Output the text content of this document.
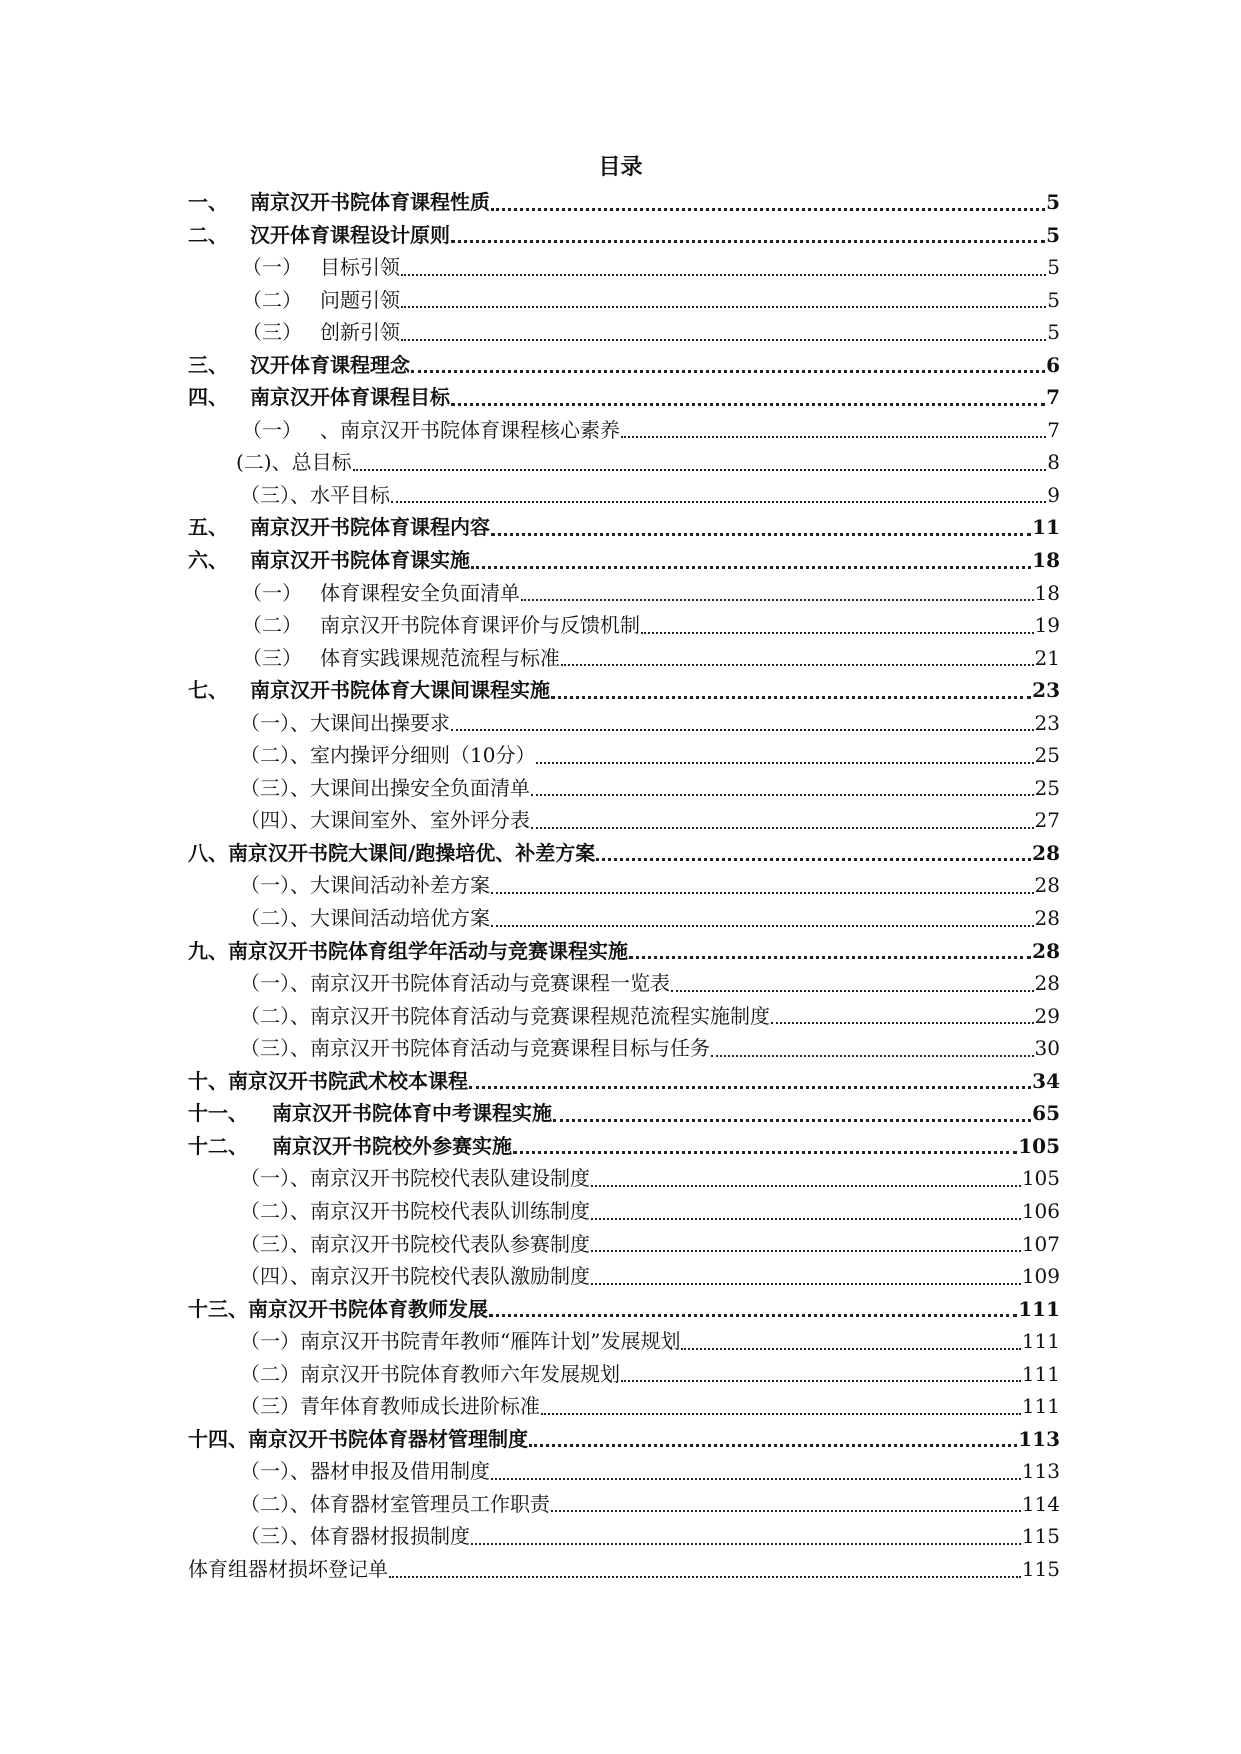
目录
一、	南京汉开书院体育课程性质	5
二、	汉开体育课程设计原则	5
（一） 目标引领	5
（二） 问题引领	5
（三） 创新引领	5
三、	汉开体育课程理念	6
四、	南京汉开体育课程目标	7
（一） 、南京汉开书院体育课程核心素养	7
(二)、总目标	8
（三）、水平目标	9
五、	南京汉开书院体育课程内容	11
六、	南京汉开书院体育课实施	18
（一） 体育课程安全负面清单	18
（二） 南京汉开书院体育课评价与反馈机制	19
（三） 体育实践课规范流程与标准	21
七、	南京汉开书院体育大课间课程实施	23
（一）、大课间出操要求	23
（二）、室内操评分细则（10分）	25
（三）、大课间出操安全负面清单	25
（四）、大课间室外、室外评分表	27
八、南京汉开书院大课间/跑操培优、补差方案	28
（一）、大课间活动补差方案	28
（二）、大课间活动培优方案	28
九、南京汉开书院体育组学年活动与竞赛课程实施	28
（一）、南京汉开书院体育活动与竞赛课程一览表	28
（二）、南京汉开书院体育活动与竞赛课程规范流程实施制度	29
（三）、南京汉开书院体育活动与竞赛课程目标与任务	30
十、南京汉开书院武术校本课程	34
十一、	南京汉开书院体育中考课程实施	65
十二、	南京汉开书院校外参赛实施	105
（一）、南京汉开书院校代表队建设制度	105
（二）、南京汉开书院校代表队训练制度	106
（三）、南京汉开书院校代表队参赛制度	107
（四）、南京汉开书院校代表队激励制度	109
十三、南京汉开书院体育教师发展	111
（一）南京汉开书院青年教师“雁阵计划”发展规划	111
（二）南京汉开书院体育教师六年发展规划	111
（三）青年体育教师成长进阶标准	111
十四、南京汉开书院体育器材管理制度	113
（一）、器材申报及借用制度	113
（二）、体育器材室管理员工作职责	114
（三）、体育器材报损制度	115
体育组器材损坏登记单	115
